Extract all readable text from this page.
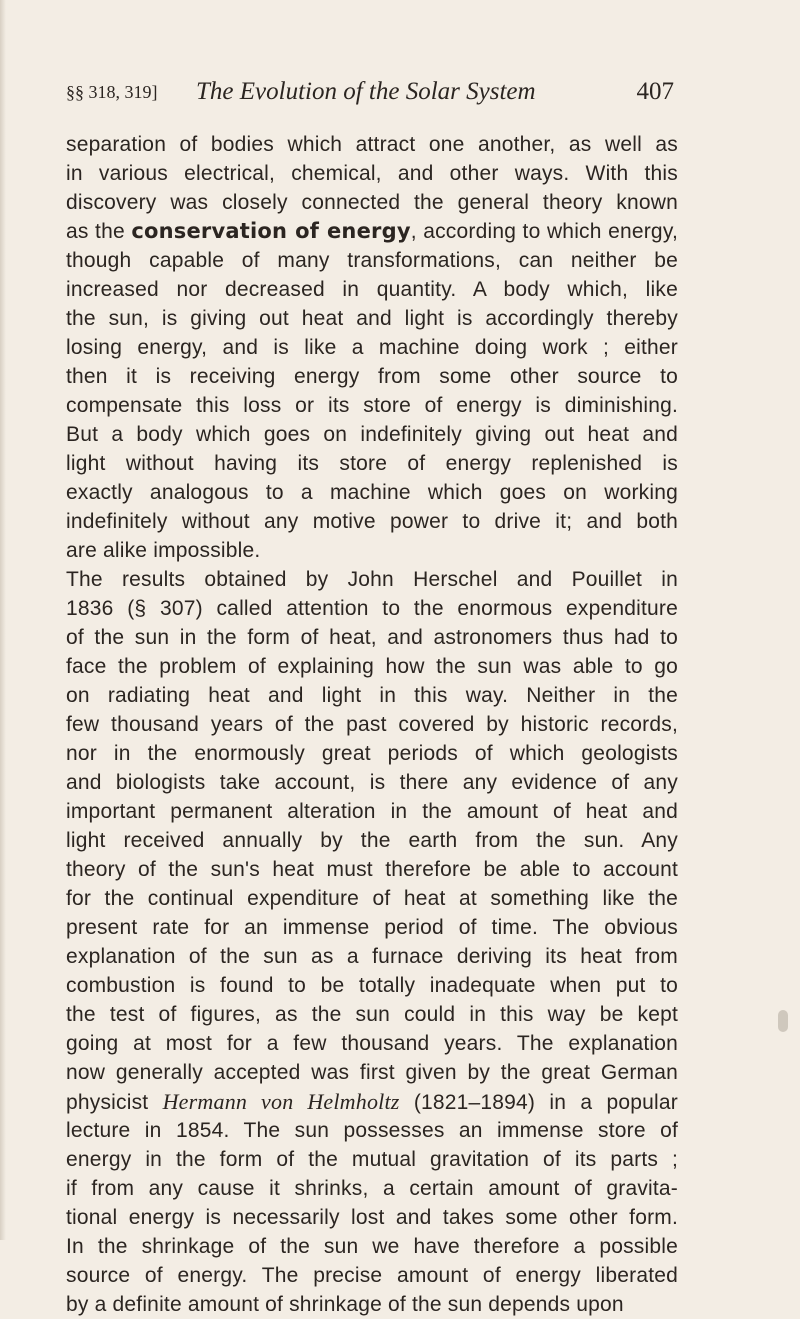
§§ 318, 319] The Evolution of the Solar System	407
separation of bodies which attract one another, as well as
in various electrical, chemical, and other ways. With this
discovery was closely connected the general theory known
as the conservation of energy, according to which energy,
though capable of many transformations, can neither be
increased nor decreased in quantity. A body which, like
the sun, is giving out heat and light is accordingly thereby
losing energy, and is like a machine doing work ; either
then it is receiving energy from some other source to
compensate this loss or its store of energy is diminishing.
But a body which goes on indefinitely giving out heat and
light without having its store of energy replenished is
exactly analogous to a machine which goes on working
indefinitely without any motive power to drive it; and both
are alike impossible.
The results obtained by John Herschel and Pouillet in
1836 (§ 307) called attention to the enormous expenditure
of the sun in the form of heat, and astronomers thus had to
face the problem of explaining how the sun was able to go
on radiating heat and light in this way. Neither in the
few thousand years of the past covered by historic records,
nor in the enormously great periods of which geologists
and biologists take account, is there any evidence of any
important permanent alteration in the amount of heat and
light received annually by the earth from the sun. Any
theory of the sun's heat must therefore be able to account
for the continual expenditure of heat at something like the
present rate for an immense period of time. The obvious
explanation of the sun as a furnace deriving its heat from
combustion is found to be totally inadequate when put to
the test of figures, as the sun could in this way be kept
going at most for a few thousand years. The explanation
now generally accepted was first given by the great German
physicist Hermann von Helmholtz (1821–1894) in a popular
lecture in 1854. The sun possesses an immense store of
energy in the form of the mutual gravitation of its parts ;
if from any cause it shrinks, a certain amount of gravita-
tional energy is necessarily lost and takes some other form.
In the shrinkage of the sun we have therefore a possible
source of energy. The precise amount of energy liberated
by a definite amount of shrinkage of the sun depends upon
